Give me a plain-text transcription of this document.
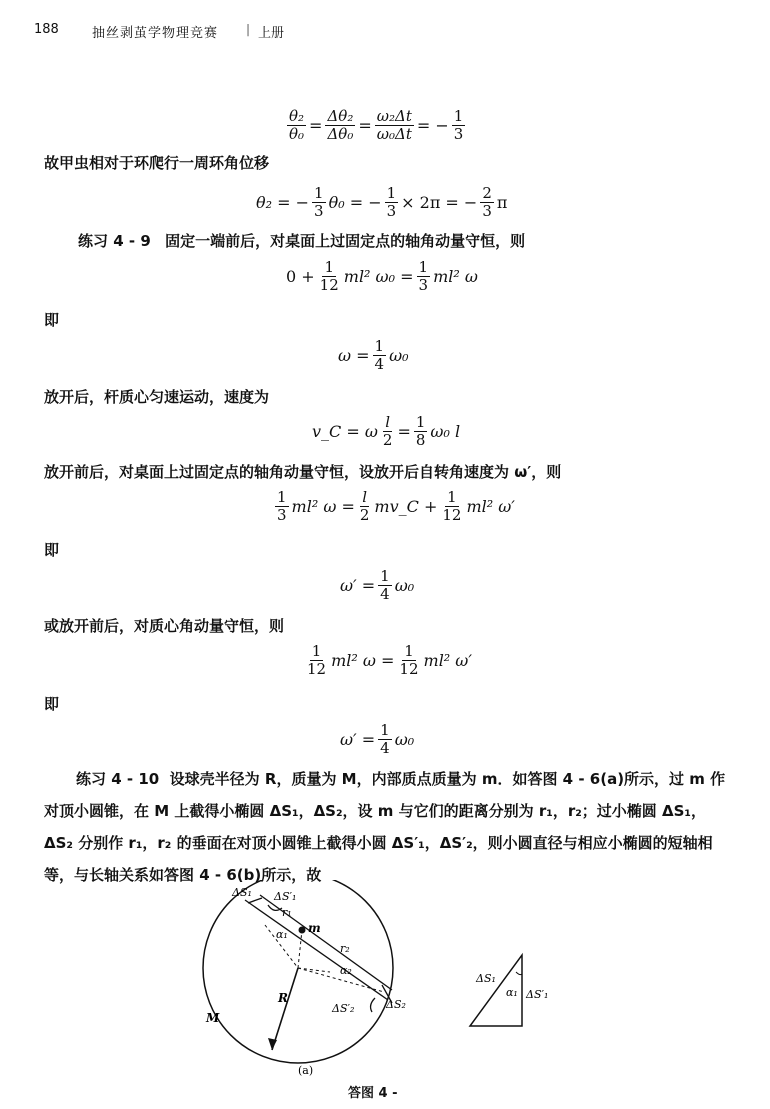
188	抽丝剥茧学物理竞赛 | 上册
$\frac{\text{θ₂}}{\text{θ₀}} = \frac{\text{Δθ₂}}{\text{Δθ₀}} = \frac{\text{ω₂Δt}}{\text{ω₀Δt}}$ = − $\frac{1}{3}$
故甲虫相对于环爬行一周环角位移
θ₂ = − $\frac{1}{3} \theta_0$ = − $\frac{1}{3} \times 2\pi$ = − $\frac{2}{3}$ π
练习 4 - 9 固定一端前后，对桌面上过固定点的轴角动量守恒，则
$0 + \frac{1}{12} ml^2$ $\omega_0 = \frac{1}{3} ml^2$ ω
即
$\omega = \frac{1}{4} \omega_0$
放开后，杆质心匀速运动，速度为
v_C = ω $\frac{l}{2} = \frac{1}{8} \omega_0$ l
放开前后，对桌面上过固定点的轴角动量守恒，设放开后自转角速度为 ω′，则
$\frac{1}{3} ml^2$ $\omega = \frac{l}{2}$ mv_C + $\frac{1}{12} ml^2$ ω′
即
$\omega' = \frac{1}{4} \omega_0$
或放开前后，对质心角动量守恒，则
$\frac{1}{12} ml^2$ $\omega = \frac{1}{12} ml^2$ ω′
即
$\omega' = \frac{1}{4} \omega_0$
练习 4 - 10 设球壳半径为 R，质量为 M，内部质点质量为 m．如答图 4 - 6(a)所示，过 m 作对顶小圆锥，在 M 上截得小椭圆 ΔS₁，ΔS₂，设 m 与它们的距离分别为 r₁，r₂；过小椭圆 ΔS₁，ΔS₂ 分别作 r₁，r₂ 的垂面在对顶小圆锥上截得小圆 ΔS′₁，ΔS′₂，则小圆直径与相应小椭圆的短轴相等，与长轴关系如答图 4 - 6(b)所示，故
ΔS₁ ΔS′₁
r₁
m
α₁
r₂
α₂
R
M
ΔS′₂	ΔS₂
(a)
ΔS₁
α₁ ΔS′₁
答图 4 -
